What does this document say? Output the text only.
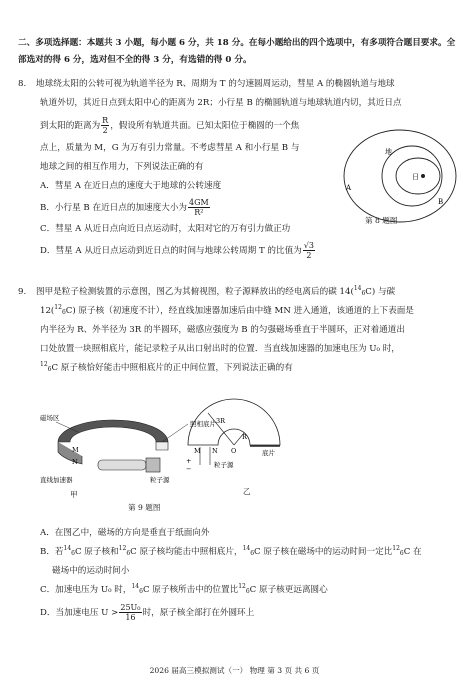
二、多项选择题：本题共 3 小题，每小题 6 分，共 18 分。在每小题给出的四个选项中，有多项符合题目要求。全部选对的得 6 分，选对但不全的得 3 分，有选错的得 0 分。
8. 地球绕太阳的公转可视为轨道半径为 R、周期为 T 的匀速圆周运动，彗星 A 的椭圆轨道与地球
轨道外切，其近日点到太阳中心的距离为 2R；小行星 B 的椭圆轨道与地球轨道内切，其近日点
到太阳的距离为 $\frac{R}{2}$ ，假设所有轨道共面。已知太阳位于椭圆的一个焦
点上，质量为 M，G 为万有引力常量。不考虑彗星 A 和小行星 B 与
地球之间的相互作用力，下列说法正确的有
A．彗星 A 在近日点的速度大于地球的公转速度
B．小行星 B 在近日点的加速度大小为 $\frac{4GM}{\text{R²}}$
C．彗星 A 从近日点向近日点运动时，太阳对它的万有引力做正功
D．彗星 A 从近日点运动到近日点的时间与地球公转周期 T 的比值为 $\frac{√3}{2}$
地
日
A
B
第 8 题图
9. 图甲是粒子检测装置的示意图，图乙为其俯视图，粒子源释放出的经电离后的碳 14($^{14}_6$C) 与碳
12($^{12}_6$C) 原子核（初速度不计），经直线加速器加速后由中缝 MN 进入通道，该通道的上下表面是
内半径为 R、外半径为 3R 的半圆环，磁感应强度为 B 的匀强磁场垂直于半圆环，正对着通道出
口处放置一块照相底片，能记录粒子从出口射出时的位置．当直线加速器的加速电压为 U₀ 时，
$^{12}_6$C 原子核恰好能击中照相底片的正中间位置，下列说法正确的有
磁场区
照相底片
M
N
粒子源
直线加速器
3R
R
O	底片
M N
粒子源
+
−
甲	乙
第 9 题图
A．在图乙中，磁场的方向是垂直于纸面向外
B．若$^{14}_6$C 原子核和$^{12}_6$C 原子核均能击中照相底片，$^{14}_6$C 原子核在磁场中的运动时间一定比$^{12}_6$C 在
磁场中的运动时间小
C．加速电压为 U₀ 时，$^{14}_6$C 原子核所击中的位置比$^{12}_6$C 原子核更远离圆心
D．当加速电压 $U > \frac{\text{25U₀}}{16}$ 时，原子核全部打在外圆环上
2026 届高三模拟测试（一） 物理 第 3 页 共 6 页
